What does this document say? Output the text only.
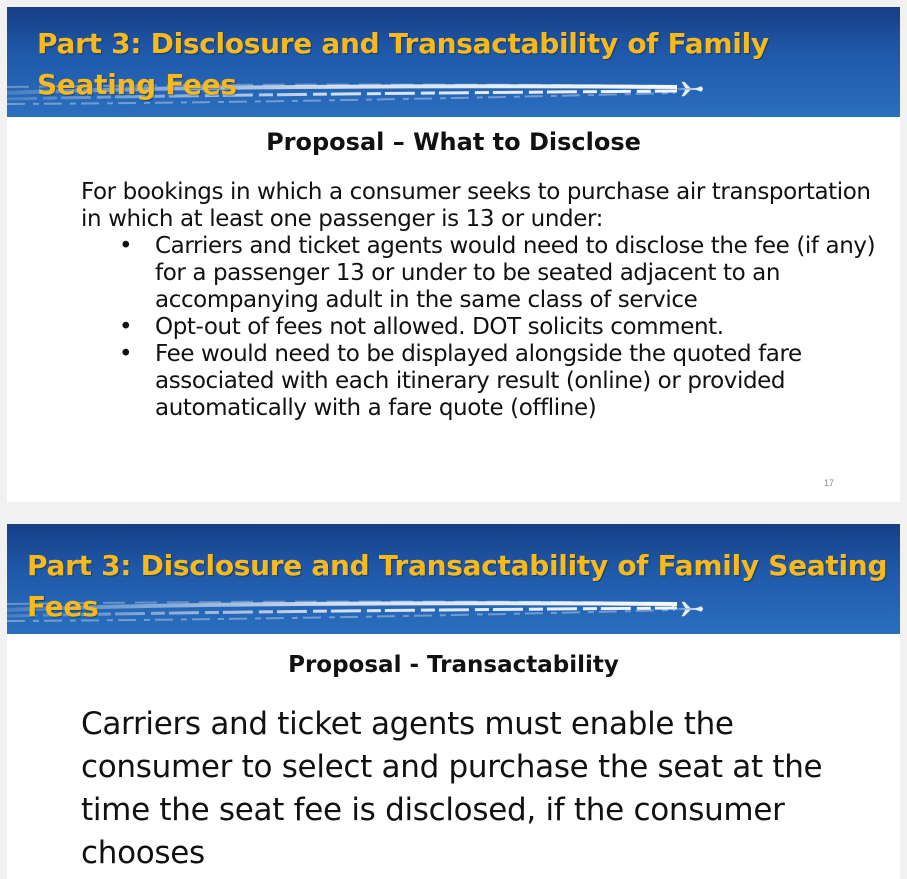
Part 3: Disclosure and Transactability of Family Seating Fees
Proposal – What to Disclose

For bookings in which a consumer seeks to purchase air transportation in which at least one passenger is 13 or under:

• Carriers and ticket agents would need to disclose the fee (if any) for a passenger 13 or under to be seated adjacent to an accompanying adult in the same class of service
• Opt-out of fees not allowed. DOT solicits comment.
• Fee would need to be displayed alongside the quoted fare associated with each itinerary result (online) or provided automatically with a fare quote (offline)
17
Part 3: Disclosure and Transactability of Family Seating Fees
Proposal - Transactability

Carriers and ticket agents must enable the consumer to select and purchase the seat at the time the seat fee is disclosed, if the consumer chooses
